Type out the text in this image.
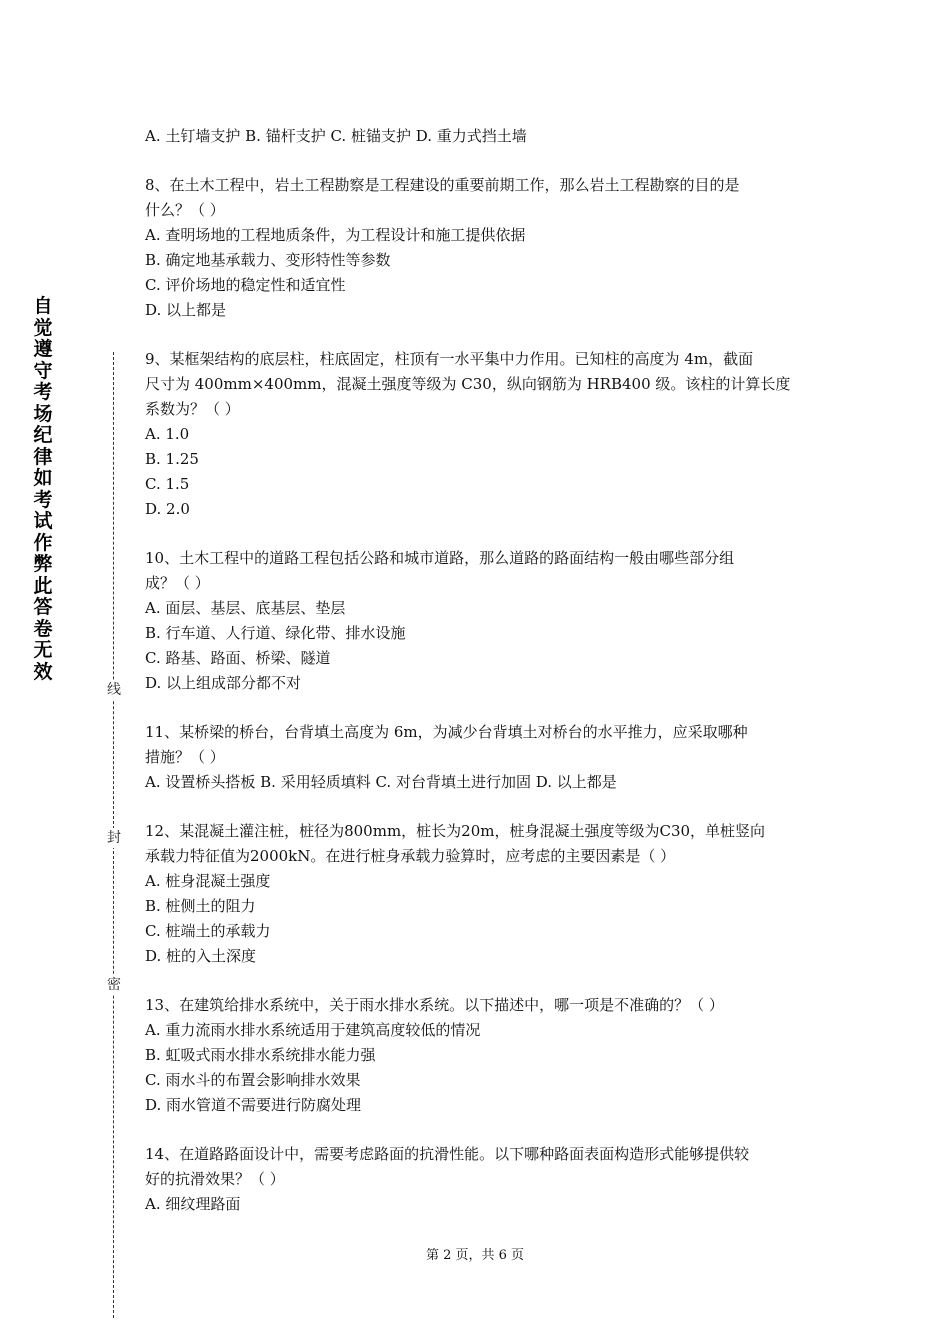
自
觉
遵
守
考
场
纪
律
如
考
试
作
弊
此
答
卷
无
效
线
封
密

A. 土钉墙支护 B. 锚杆支护 C. 桩锚支护 D. 重力式挡土墙

8、在土木工程中，岩土工程勘察是工程建设的重要前期工作，那么岩土工程勘察的目的是

什么？（ ）

A. 查明场地的工程地质条件，为工程设计和施工提供依据

B. 确定地基承载力、变形特性等参数

C. 评价场地的稳定性和适宜性

D. 以上都是

9、某框架结构的底层柱，柱底固定，柱顶有一水平集中力作用。已知柱的高度为 4m，截面

尺寸为 400mm×400mm，混凝土强度等级为 C30，纵向钢筋为 HRB400 级。该柱的计算长度

系数为？（ ）

A. 1.0

B. 1.25

C. 1.5

D. 2.0

10、土木工程中的道路工程包括公路和城市道路，那么道路的路面结构一般由哪些部分组

成？（ ）

A. 面层、基层、底基层、垫层

B. 行车道、人行道、绿化带、排水设施

C. 路基、路面、桥梁、隧道

D. 以上组成部分都不对

11、某桥梁的桥台，台背填土高度为 6m，为减少台背填土对桥台的水平推力，应采取哪种

措施？（ ）

A. 设置桥头搭板 B. 采用轻质填料 C. 对台背填土进行加固 D. 以上都是

12、某混凝土灌注桩，桩径为800mm，桩长为20m，桩身混凝土强度等级为C30，单桩竖向

承载力特征值为2000kN。在进行桩身承载力验算时，应考虑的主要因素是（ ）

A. 桩身混凝土强度

B. 桩侧土的阻力

C. 桩端土的承载力

D. 桩的入土深度

13、在建筑给排水系统中，关于雨水排水系统。以下描述中，哪一项是不准确的？（ ）

A. 重力流雨水排水系统适用于建筑高度较低的情况

B. 虹吸式雨水排水系统排水能力强

C. 雨水斗的布置会影响排水效果

D. 雨水管道不需要进行防腐处理

14、在道路路面设计中，需要考虑路面的抗滑性能。以下哪种路面表面构造形式能够提供较

好的抗滑效果？（ ）

A. 细纹理路面

第 2 页，共 6 页
